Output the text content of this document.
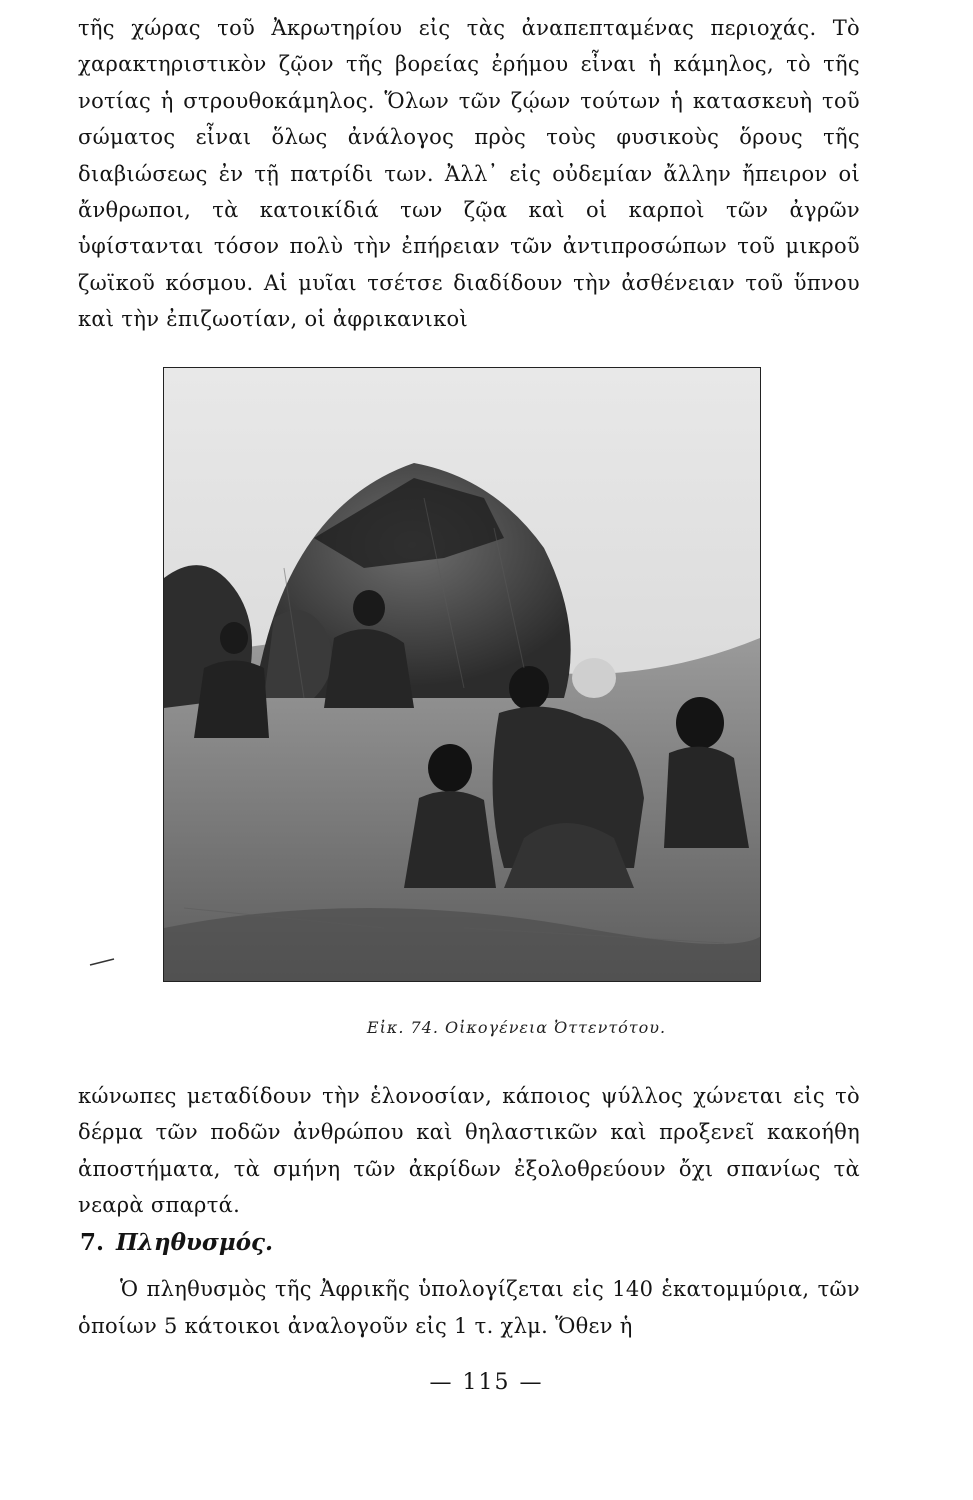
τῆς χώρας τοῦ Ἀκρωτηρίου εἰς τὰς ἀναπεπταμένας περιοχάς. Τὸ χαρακτηριστικὸν ζῷον τῆς βορείας ἐρήμου εἶναι ἡ κάμηλος, τὸ τῆς νοτίας ἡ στρουθοκάμηλος. Ὅλων τῶν ζῴων τούτων ἡ κατασκευὴ τοῦ σώματος εἶναι ὅλως ἀνάλογος πρὸς τοὺς φυσικοὺς ὅρους τῆς διαβιώσεως ἐν τῇ πατρίδι των. Ἀλλ᾽ εἰς οὐδεμίαν ἄλλην ἤπειρον οἱ ἄνθρωποι, τὰ κατοικίδιά των ζῷα καὶ οἱ καρποὶ τῶν ἀγρῶν ὑφίστανται τόσον πολὺ τὴν ἐπήρειαν τῶν ἀντιπροσώπων τοῦ μικροῦ ζωϊκοῦ κόσμου. Αἱ μυῖαι τσέτσε διαδίδουν τὴν ἀσθένειαν τοῦ ὕπνου καὶ τὴν ἐπιζωοτίαν, οἱ ἀφρικανικοὶ

Εἰκ. 74. Οἰκογένεια Ὀττεντότου.

κώνωπες μεταδίδουν τὴν ἑλονοσίαν, κάποιος ψύλλος χώνεται εἰς τὸ δέρμα τῶν ποδῶν ἀνθρώπου καὶ θηλαστικῶν καὶ προξενεῖ κακοήθη ἀποστήματα, τὰ σμήνη τῶν ἀκρίδων ἐξολοθρεύουν ὄχι σπανίως τὰ νεαρὰ σπαρτά.

7. Πληθυσμός.

Ὁ πληθυσμὸς τῆς Ἀφρικῆς ὑπολογίζεται εἰς 140 ἑκατομμύρια, τῶν ὁποίων 5 κάτοικοι ἀναλογοῦν εἰς 1 τ. χλμ. Ὅθεν ἡ

— 115 —
